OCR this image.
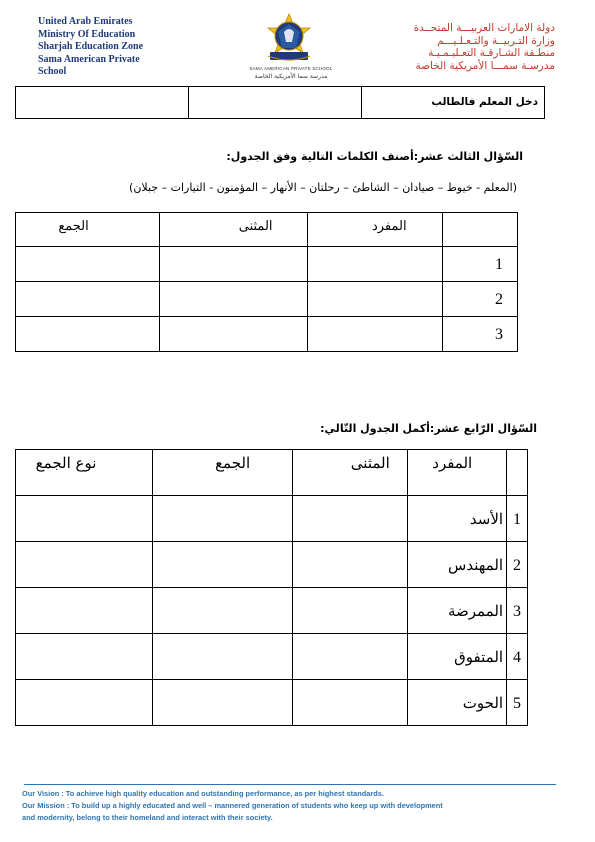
United Arab Emirates
Ministry Of Education
Sharjah Education Zone
Sama American Private
School	SAMA AMERICAN PRIVATE SCHOOL
مدرسة سما الأمريكية الخاصة
دولة الامارات العربيـــة المتحــدة
وزارة التـربيــة والتـعـلـيـــم
منطـقة الشـارقـة التعـليـمـيـة
مدرسـة سمـــا الأمريكية الخاصة
		دخل المعلم فالطالب
السّؤال الثالث عشر:أصنف الكلمات التالية وفق الجدول:
(المعلم - خيوط – صيادان – الشاطئ – رحلتان – الأنهار – المؤمنون - التيارات – جبلان)
الجمع	المثنى	المفرد	
			1
			2
			3
السّؤال الرّابع عشر:أكمل الجدول التّالي:
نوع الجمع	الجمع	المثنى	المفرد	
			الأسد	1
			المهندس	2
			الممرضة	3
			المتفوق	4
			الحوت	5
Our Vision : To achieve high quality education and outstanding performance, as per highest standards.
Our Mission : To build up a highly educated and well – mannered generation of students who keep up with development
and modernity, belong to their homeland and interact with their society.
